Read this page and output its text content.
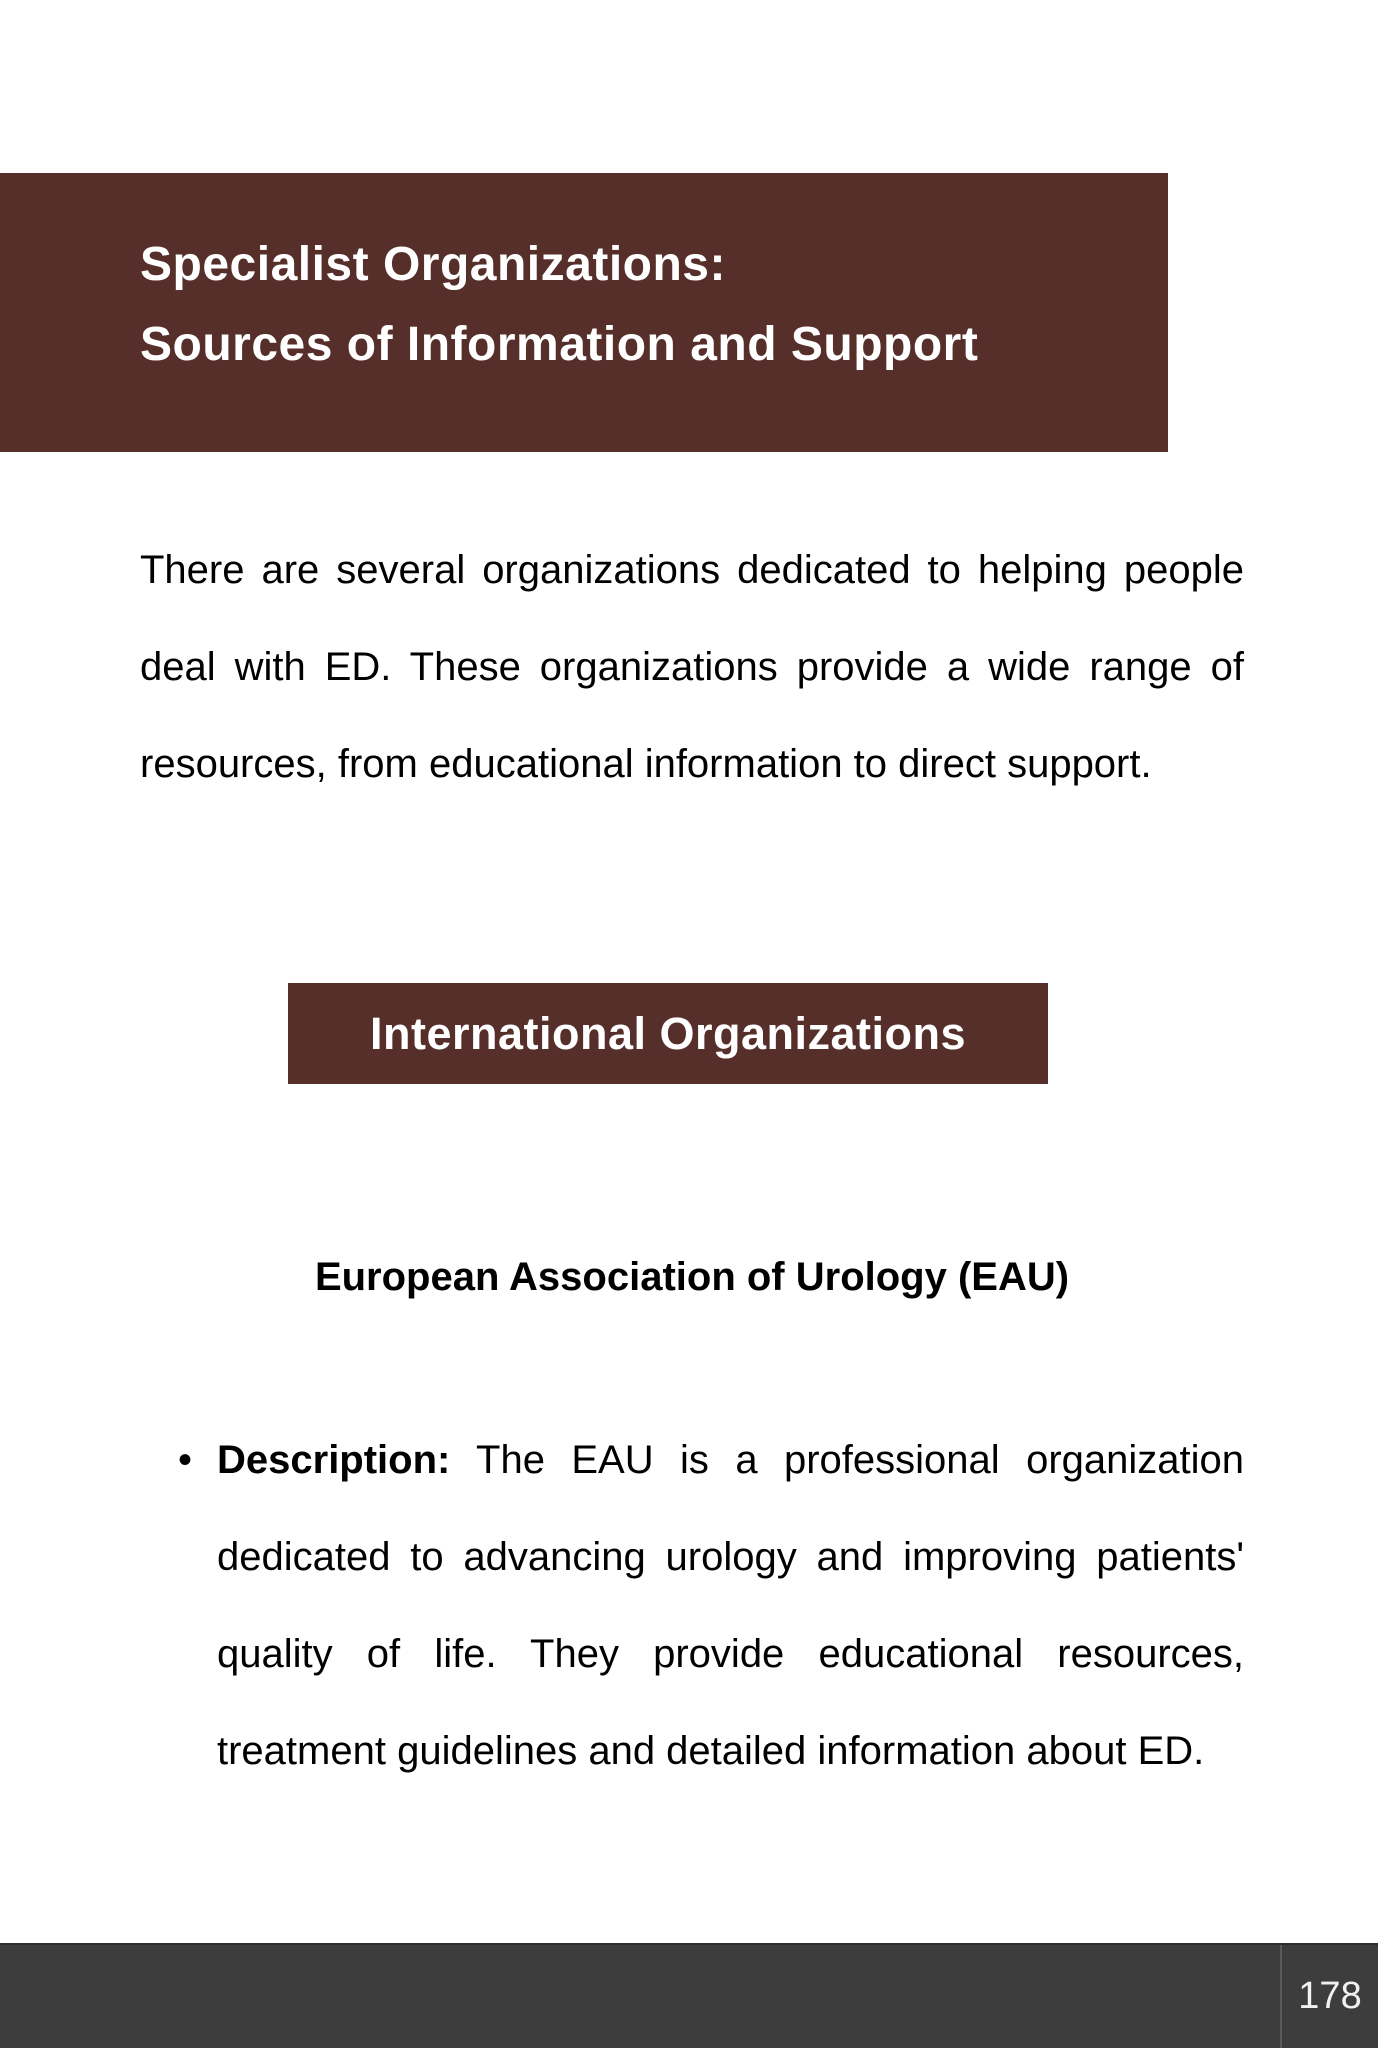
Specialist Organizations:
Sources of Information and Support

There are several organizations dedicated to helping people deal with ED. These organizations provide a wide range of resources, from educational information to direct support.

International Organizations
European Association of Urology (EAU)
• Description: The EAU is a professional organization dedicated to advancing urology and improving patients' quality of life. They provide educational resources, treatment guidelines and detailed information about ED.
178
